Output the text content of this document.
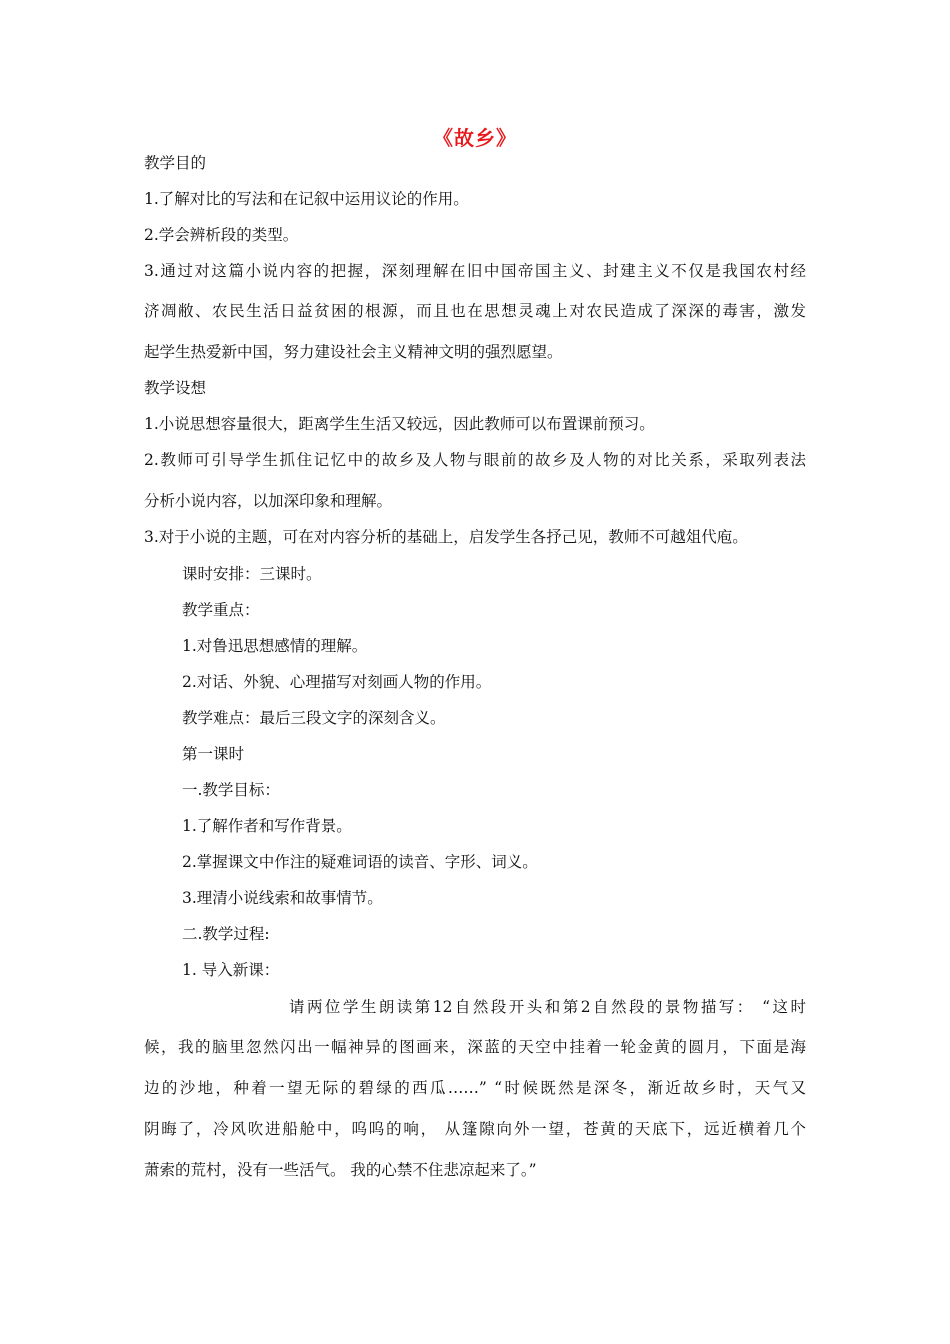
《故乡》
教学目的
1.了解对比的写法和在记叙中运用议论的作用。
2.学会辨析段的类型。
3.通过对这篇小说内容的把握，深刻理解在旧中国帝国主义、封建主义不仅是我国农村经
济凋敝、农民生活日益贫困的根源，而且也在思想灵魂上对农民造成了深深的毒害，激发
起学生热爱新中国，努力建设社会主义精神文明的强烈愿望。
教学设想
1.小说思想容量很大，距离学生生活又较远，因此教师可以布置课前预习。
2.教师可引导学生抓住记忆中的故乡及人物与眼前的故乡及人物的对比关系，采取列表法
分析小说内容，以加深印象和理解。
3.对于小说的主题，可在对内容分析的基础上，启发学生各抒己见，教师不可越俎代庖。
课时安排：三课时。
教学重点：
1.对鲁迅思想感情的理解。
2.对话、外貌、心理描写对刻画人物的作用。
教学难点：最后三段文字的深刻含义。
第一课时
一.教学目标：
1.了解作者和写作背景。
2.掌握课文中作注的疑难词语的读音、字形、词义。
3.理清小说线索和故事情节。
二.教学过程:
1. 导入新课：
请两位学生朗读第12自然段开头和第2自然段的景物描写： “这时
候，我的脑里忽然闪出一幅神异的图画来，深蓝的天空中挂着一轮金黄的圆月，下面是海
边的沙地，种着一望无际的碧绿的西瓜……” “时候既然是深冬，渐近故乡时，天气又
阴晦了，冷风吹进船舱中，呜呜的响， 从篷隙向外一望，苍黄的天底下，远近横着几个
萧索的荒村，没有一些活气。 我的心禁不住悲凉起来了。”
